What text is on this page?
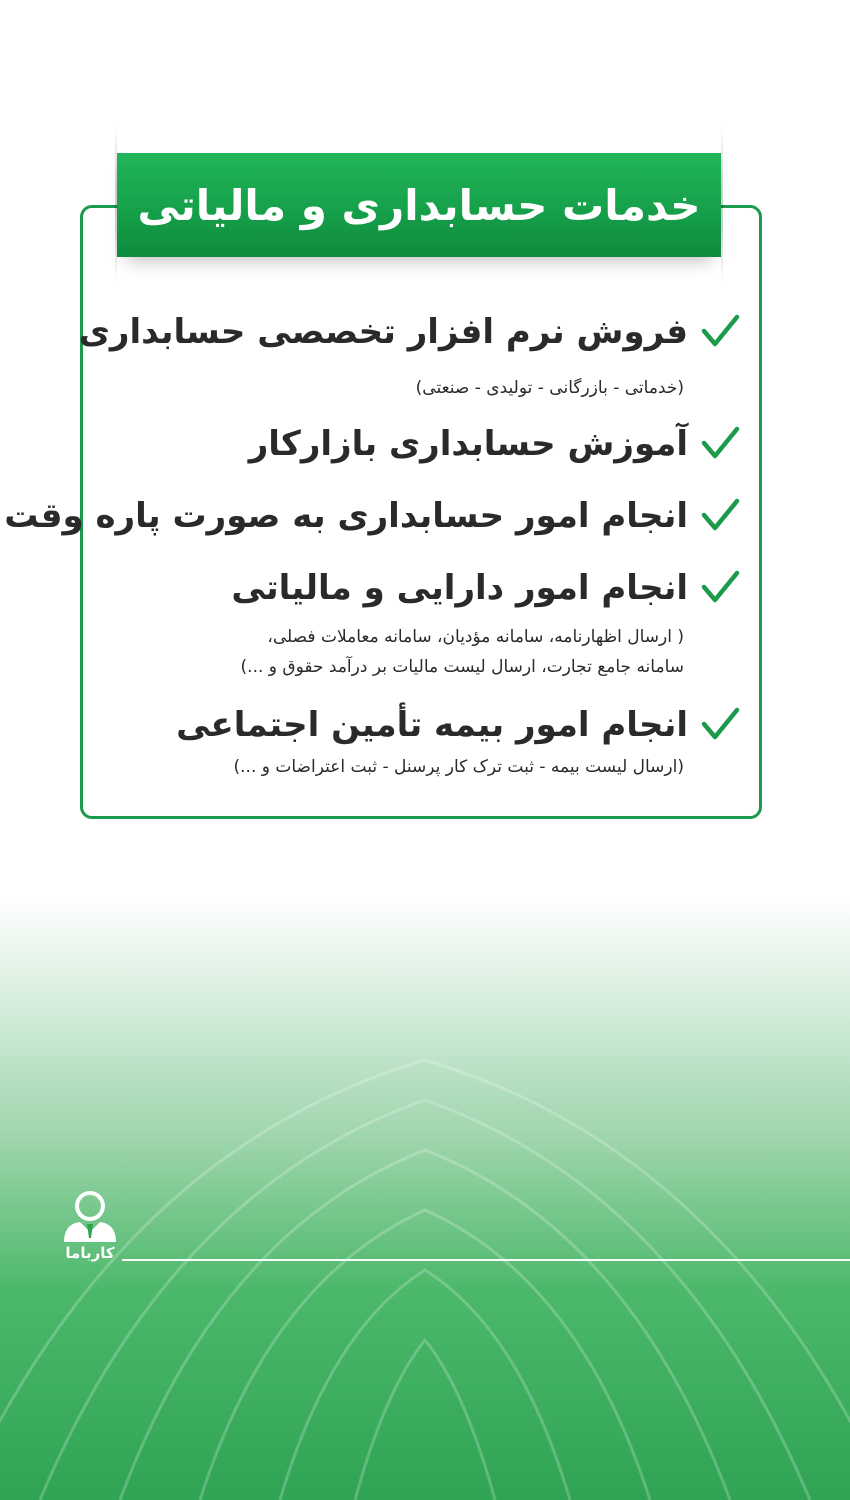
خدمات حسابداری و مالیاتی
فروش نرم افزار تخصصی حسابداری
(خدماتی - بازرگانی - تولیدی - صنعتی)
آموزش حسابداری بازارکار
انجام امور حسابداری به صورت پاره وقت
انجام امور دارایی و مالیاتی
( ارسال اظهارنامه، سامانه مؤدیان، سامانه معاملات فصلی،
سامانه جامع تجارت، ارسال لیست مالیات بر درآمد حقوق و ...)
انجام امور بیمه تأمین اجتماعی
(ارسال لیست بیمه - ثبت ترک کار پرسنل - ثبت اعتراضات و ...)
کارباما
